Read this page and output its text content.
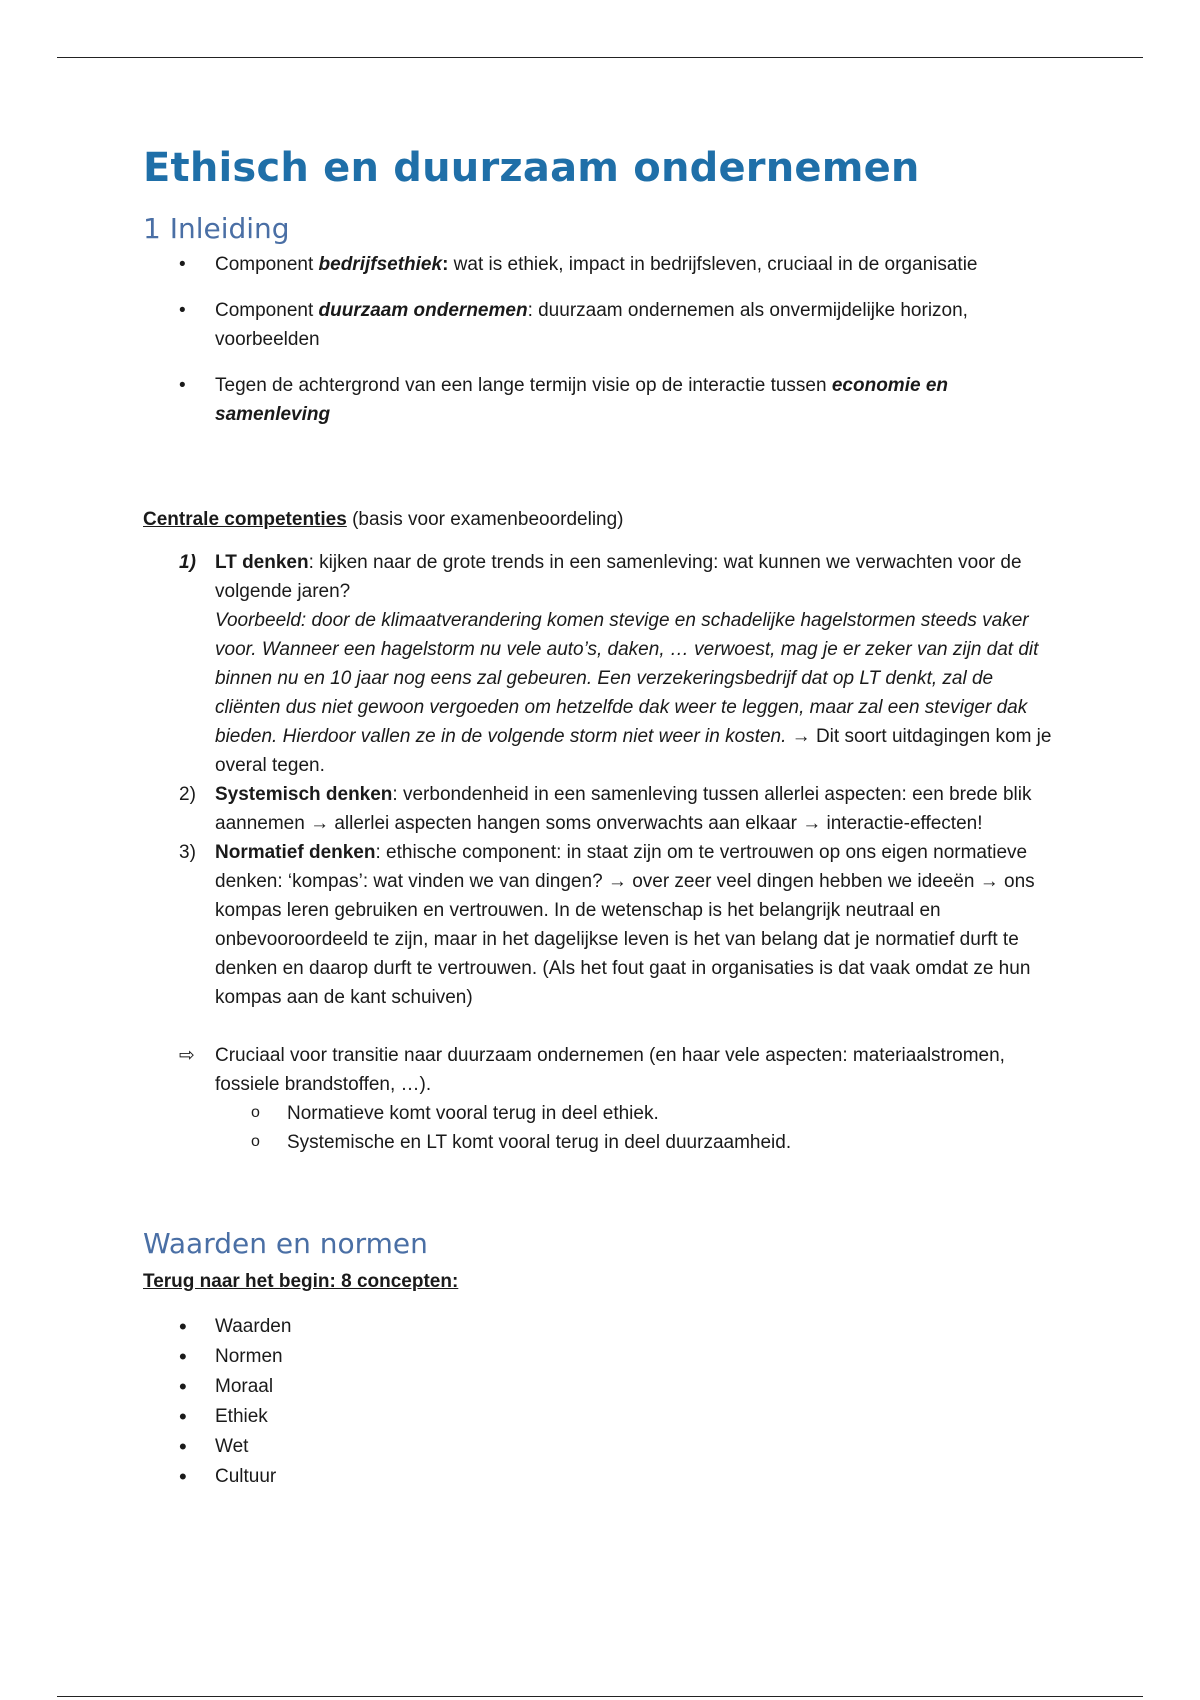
Ethisch en duurzaam ondernemen
1 Inleiding
•	Component bedrijfsethiek: wat is ethiek, impact in bedrijfsleven, cruciaal in de organisatie
•	Component duurzaam ondernemen: duurzaam ondernemen als onvermijdelijke horizon, voorbeelden
•	Tegen de achtergrond van een lange termijn visie op de interactie tussen economie en samenleving
Centrale competenties (basis voor examenbeoordeling)
1) LT denken: kijken naar de grote trends in een samenleving: wat kunnen we verwachten voor de volgende jaren?
Voorbeeld: door de klimaatverandering komen stevige en schadelijke hagelstormen steeds vaker voor. Wanneer een hagelstorm nu vele auto’s, daken, … verwoest, mag je er zeker van zijn dat dit binnen nu en 10 jaar nog eens zal gebeuren. Een verzekeringsbedrijf dat op LT denkt, zal de cliënten dus niet gewoon vergoeden om hetzelfde dak weer te leggen, maar zal een steviger dak bieden. Hierdoor vallen ze in de volgende storm niet weer in kosten. → Dit soort uitdagingen kom je overal tegen.
2) Systemisch denken: verbondenheid in een samenleving tussen allerlei aspecten: een brede blik aannemen → allerlei aspecten hangen soms onverwachts aan elkaar → interactie-effecten!
3) Normatief denken: ethische component: in staat zijn om te vertrouwen op ons eigen normatieve denken: ‘kompas’: wat vinden we van dingen? → over zeer veel dingen hebben we ideeën → ons kompas leren gebruiken en vertrouwen. In de wetenschap is het belangrijk neutraal en onbevooroordeeld te zijn, maar in het dagelijkse leven is het van belang dat je normatief durft te denken en daarop durft te vertrouwen. (Als het fout gaat in organisaties is dat vaak omdat ze hun kompas aan de kant schuiven)
⇨ Cruciaal voor transitie naar duurzaam ondernemen (en haar vele aspecten: materiaalstromen, fossiele brandstoffen, …).
o Normatieve komt vooral terug in deel ethiek.
o Systemische en LT komt vooral terug in deel duurzaamheid.
Waarden en normen
Terug naar het begin: 8 concepten:
• Waarden
• Normen
• Moraal
• Ethiek
• Wet
• Cultuur
